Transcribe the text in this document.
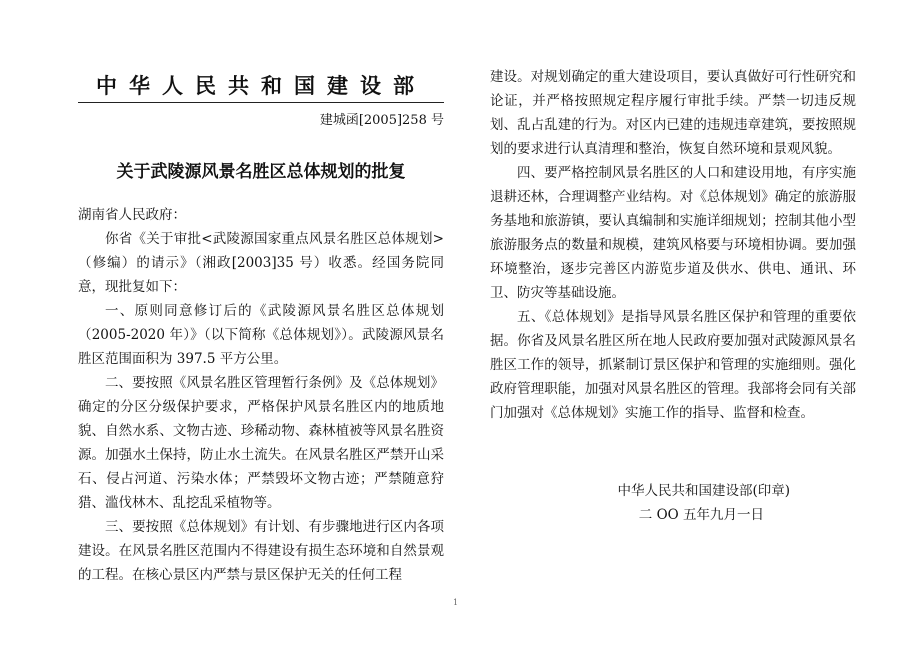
中华人民共和国建设部

建城函[2005]258 号

关于武陵源风景名胜区总体规划的批复

湖南省人民政府：

你省《关于审批<武陵源国家重点风景名胜区总体规划>（修编）的请示》（湘政[2003]35 号）收悉。经国务院同意，现批复如下：

一、原则同意修订后的《武陵源风景名胜区总体规划（2005-2020 年）》（以下简称《总体规划》）。武陵源风景名胜区范围面积为 397.5 平方公里。

二、要按照《风景名胜区管理暂行条例》及《总体规划》确定的分区分级保护要求，严格保护风景名胜区内的地质地貌、自然水系、文物古迹、珍稀动物、森林植被等风景名胜资源。加强水土保持，防止水土流失。在风景名胜区严禁开山采石、侵占河道、污染水体；严禁毁坏文物古迹；严禁随意狩猎、滥伐林木、乱挖乱采植物等。

三、要按照《总体规划》有计划、有步骤地进行区内各项建设。在风景名胜区范围内不得建设有损生态环境和自然景观的工程。在核心景区内严禁与景区保护无关的任何工程

建设。对规划确定的重大建设项目，要认真做好可行性研究和论证，并严格按照规定程序履行审批手续。严禁一切违反规划、乱占乱建的行为。对区内已建的违规违章建筑，要按照规划的要求进行认真清理和整治，恢复自然环境和景观风貌。

四、要严格控制风景名胜区的人口和建设用地，有序实施退耕还林，合理调整产业结构。对《总体规划》确定的旅游服务基地和旅游镇，要认真编制和实施详细规划；控制其他小型旅游服务点的数量和规模，建筑风格要与环境相协调。要加强环境整治，逐步完善区内游览步道及供水、供电、通讯、环卫、防灾等基础设施。

五、《总体规划》是指导风景名胜区保护和管理的重要依据。你省及风景名胜区所在地人民政府要加强对武陵源风景名胜区工作的领导，抓紧制订景区保护和管理的实施细则。强化政府管理职能，加强对风景名胜区的管理。我部将会同有关部门加强对《总体规划》实施工作的指导、监督和检查。

中华人民共和国建设部(印章)
二 OO 五年九月一日
1
